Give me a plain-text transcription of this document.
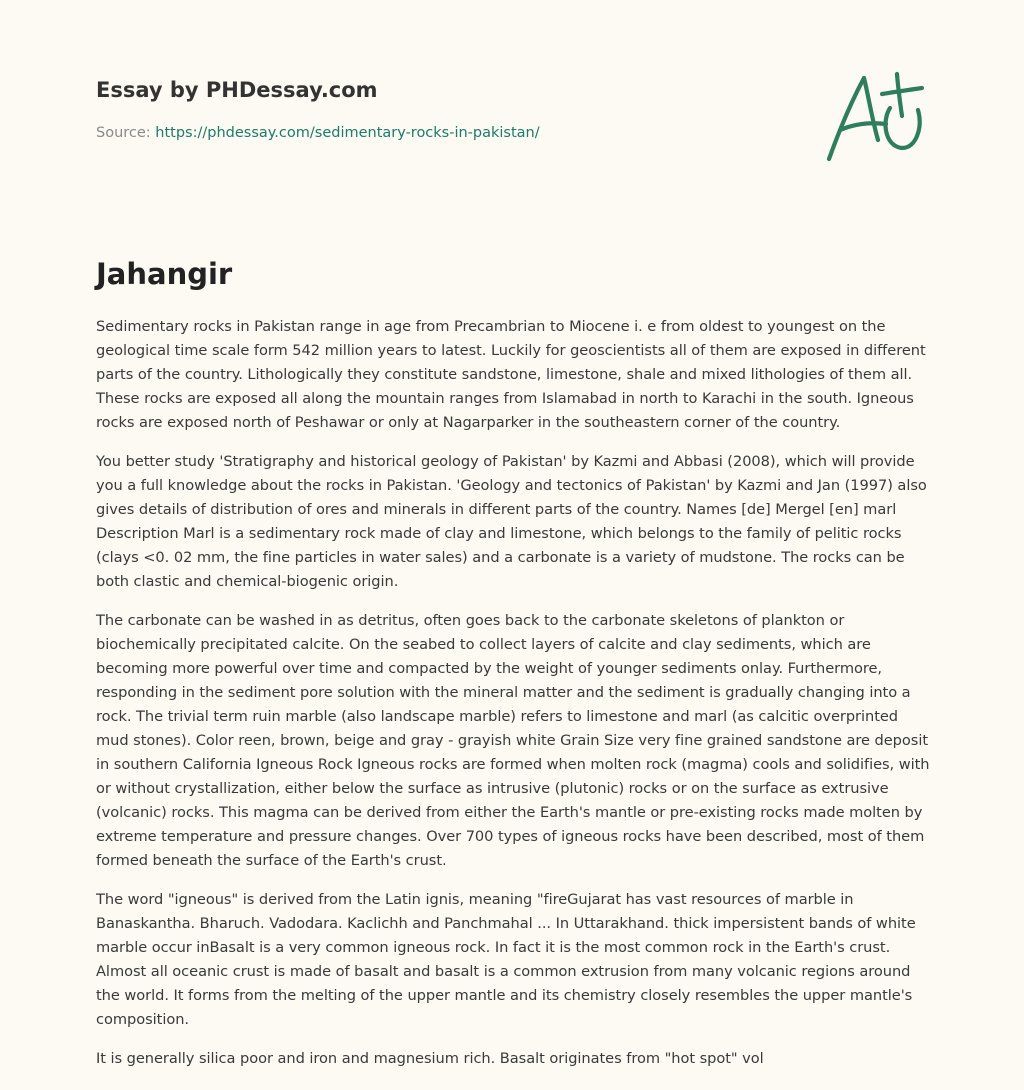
Essay by PHDessay.com
Source: https://phdessay.com/sedimentary-rocks-in-pakistan/
Jahangir

Sedimentary rocks in Pakistan range in age from Precambrian to Miocene i. e from oldest to youngest on the geological time scale form 542 million years to latest. Luckily for geoscientists all of them are exposed in different parts of the country. Lithologically they constitute sandstone, limestone, shale and mixed lithologies of them all. These rocks are exposed all along the mountain ranges from Islamabad in north to Karachi in the south. Igneous rocks are exposed north of Peshawar or only at Nagarparker in the southeastern corner of the country.

You better study 'Stratigraphy and historical geology of Pakistan' by Kazmi and Abbasi (2008), which will provide you a full knowledge about the rocks in Pakistan. 'Geology and tectonics of Pakistan' by Kazmi and Jan (1997) also gives details of distribution of ores and minerals in different parts of the country. Names [de] Mergel [en] marl Description Marl is a sedimentary rock made of clay and limestone, which belongs to the family of pelitic rocks (clays <0. 02 mm, the fine particles in water sales) and a carbonate is a variety of mudstone. The rocks can be both clastic and chemical-biogenic origin.

The carbonate can be washed in as detritus, often goes back to the carbonate skeletons of plankton or biochemically precipitated calcite. On the seabed to collect layers of calcite and clay sediments, which are becoming more powerful over time and compacted by the weight of younger sediments onlay. Furthermore, responding in the sediment pore solution with the mineral matter and the sediment is gradually changing into a rock. The trivial term ruin marble (also landscape marble) refers to limestone and marl (as calcitic overprinted mud stones). Color reen, brown, beige and gray - grayish white Grain Size very fine grained sandstone are deposit in southern California Igneous Rock Igneous rocks are formed when molten rock (magma) cools and solidifies, with or without crystallization, either below the surface as intrusive (plutonic) rocks or on the surface as extrusive (volcanic) rocks. This magma can be derived from either the Earth's mantle or pre-existing rocks made molten by extreme temperature and pressure changes. Over 700 types of igneous rocks have been described, most of them formed beneath the surface of the Earth's crust.

The word "igneous" is derived from the Latin ignis, meaning "fireGujarat has vast resources of marble in Banaskantha. Bharuch. Vadodara. Kaclichh and Panchmahal ... In Uttarakhand. thick impersistent bands of white marble occur inBasalt is a very common igneous rock. In fact it is the most common rock in the Earth's crust. Almost all oceanic crust is made of basalt and basalt is a common extrusion from many volcanic regions around the world. It forms from the melting of the upper mantle and its chemistry closely resembles the upper mantle's composition.

It is generally silica poor and iron and magnesium rich. Basalt originates from "hot spot" vol
